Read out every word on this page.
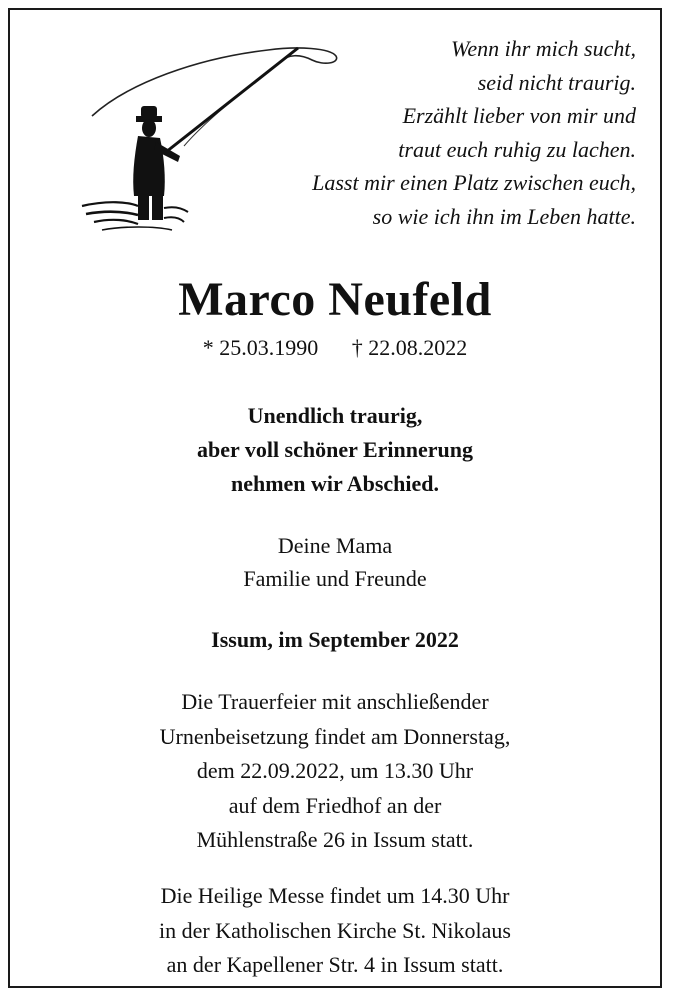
Wenn ihr mich sucht,
seid nicht traurig.
Erzählt lieber von mir und
traut euch ruhig zu lachen.
Lasst mir einen Platz zwischen euch,
so wie ich ihn im Leben hatte.
Marco Neufeld
* 25.03.1990 † 22.08.2022
Unendlich traurig,
aber voll schöner Erinnerung
nehmen wir Abschied.
Deine Mama
Familie und Freunde
Issum, im September 2022
Die Trauerfeier mit anschließender
Urnenbeisetzung findet am Donnerstag,
dem 22.09.2022, um 13.30 Uhr
auf dem Friedhof an der
Mühlenstraße 26 in Issum statt.
Die Heilige Messe findet um 14.30 Uhr
in der Katholischen Kirche St. Nikolaus
an der Kapellener Str. 4 in Issum statt.
